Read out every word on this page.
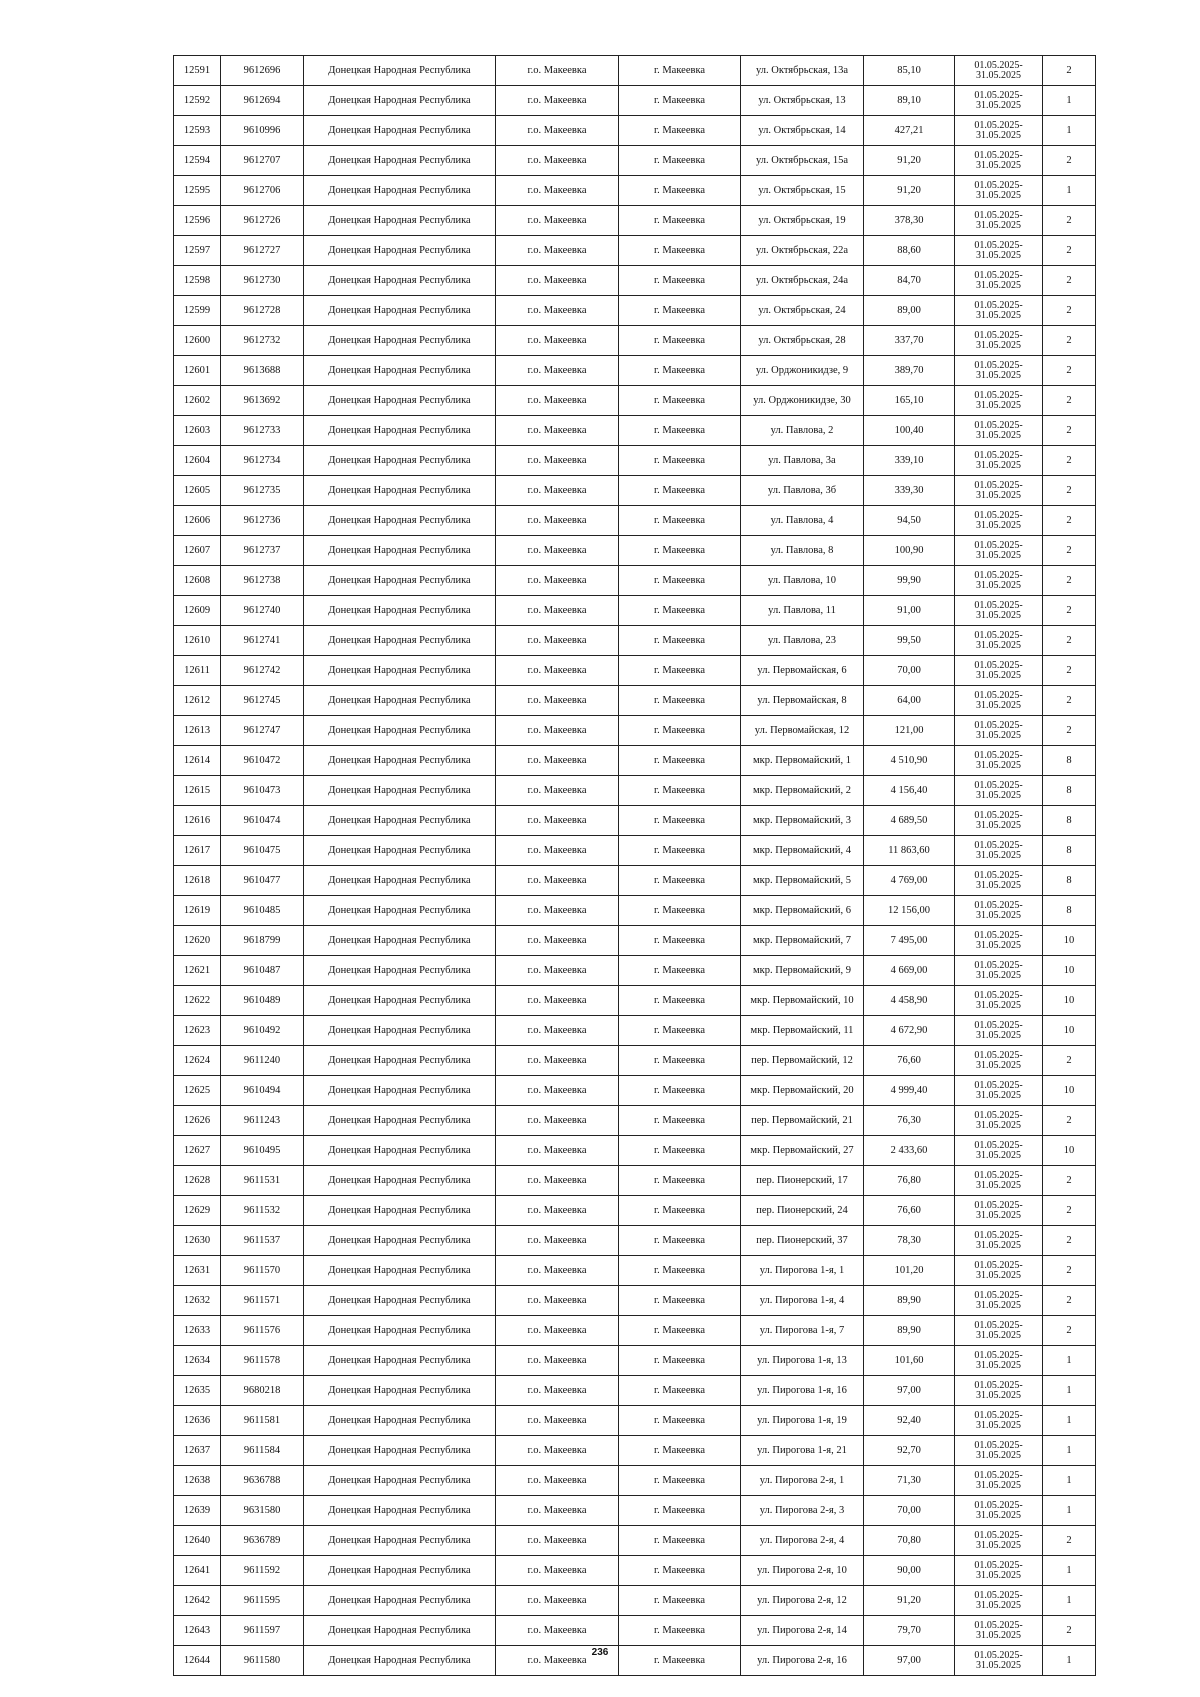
12591	9612696	Донецкая Народная Республика	г.о. Макеевка	г. Макеевка	ул. Октябрьская, 13а	85,10	01.05.2025-
31.05.2025	2
12592	9612694	Донецкая Народная Республика	г.о. Макеевка	г. Макеевка	ул. Октябрьская, 13	89,10	01.05.2025-
31.05.2025	1
12593	9610996	Донецкая Народная Республика	г.о. Макеевка	г. Макеевка	ул. Октябрьская, 14	427,21	01.05.2025-
31.05.2025	1
12594	9612707	Донецкая Народная Республика	г.о. Макеевка	г. Макеевка	ул. Октябрьская, 15а	91,20	01.05.2025-
31.05.2025	2
12595	9612706	Донецкая Народная Республика	г.о. Макеевка	г. Макеевка	ул. Октябрьская, 15	91,20	01.05.2025-
31.05.2025	1
12596	9612726	Донецкая Народная Республика	г.о. Макеевка	г. Макеевка	ул. Октябрьская, 19	378,30	01.05.2025-
31.05.2025	2
12597	9612727	Донецкая Народная Республика	г.о. Макеевка	г. Макеевка	ул. Октябрьская, 22а	88,60	01.05.2025-
31.05.2025	2
12598	9612730	Донецкая Народная Республика	г.о. Макеевка	г. Макеевка	ул. Октябрьская, 24а	84,70	01.05.2025-
31.05.2025	2
12599	9612728	Донецкая Народная Республика	г.о. Макеевка	г. Макеевка	ул. Октябрьская, 24	89,00	01.05.2025-
31.05.2025	2
12600	9612732	Донецкая Народная Республика	г.о. Макеевка	г. Макеевка	ул. Октябрьская, 28	337,70	01.05.2025-
31.05.2025	2
12601	9613688	Донецкая Народная Республика	г.о. Макеевка	г. Макеевка	ул. Орджоникидзе, 9	389,70	01.05.2025-
31.05.2025	2
12602	9613692	Донецкая Народная Республика	г.о. Макеевка	г. Макеевка	ул. Орджоникидзе, 30	165,10	01.05.2025-
31.05.2025	2
12603	9612733	Донецкая Народная Республика	г.о. Макеевка	г. Макеевка	ул. Павлова, 2	100,40	01.05.2025-
31.05.2025	2
12604	9612734	Донецкая Народная Республика	г.о. Макеевка	г. Макеевка	ул. Павлова, 3а	339,10	01.05.2025-
31.05.2025	2
12605	9612735	Донецкая Народная Республика	г.о. Макеевка	г. Макеевка	ул. Павлова, 3б	339,30	01.05.2025-
31.05.2025	2
12606	9612736	Донецкая Народная Республика	г.о. Макеевка	г. Макеевка	ул. Павлова, 4	94,50	01.05.2025-
31.05.2025	2
12607	9612737	Донецкая Народная Республика	г.о. Макеевка	г. Макеевка	ул. Павлова, 8	100,90	01.05.2025-
31.05.2025	2
12608	9612738	Донецкая Народная Республика	г.о. Макеевка	г. Макеевка	ул. Павлова, 10	99,90	01.05.2025-
31.05.2025	2
12609	9612740	Донецкая Народная Республика	г.о. Макеевка	г. Макеевка	ул. Павлова, 11	91,00	01.05.2025-
31.05.2025	2
12610	9612741	Донецкая Народная Республика	г.о. Макеевка	г. Макеевка	ул. Павлова, 23	99,50	01.05.2025-
31.05.2025	2
12611	9612742	Донецкая Народная Республика	г.о. Макеевка	г. Макеевка	ул. Первомайская, 6	70,00	01.05.2025-
31.05.2025	2
12612	9612745	Донецкая Народная Республика	г.о. Макеевка	г. Макеевка	ул. Первомайская, 8	64,00	01.05.2025-
31.05.2025	2
12613	9612747	Донецкая Народная Республика	г.о. Макеевка	г. Макеевка	ул. Первомайская, 12	121,00	01.05.2025-
31.05.2025	2
12614	9610472	Донецкая Народная Республика	г.о. Макеевка	г. Макеевка	мкр. Первомайский, 1	4 510,90	01.05.2025-
31.05.2025	8
12615	9610473	Донецкая Народная Республика	г.о. Макеевка	г. Макеевка	мкр. Первомайский, 2	4 156,40	01.05.2025-
31.05.2025	8
12616	9610474	Донецкая Народная Республика	г.о. Макеевка	г. Макеевка	мкр. Первомайский, 3	4 689,50	01.05.2025-
31.05.2025	8
12617	9610475	Донецкая Народная Республика	г.о. Макеевка	г. Макеевка	мкр. Первомайский, 4	11 863,60	01.05.2025-
31.05.2025	8
12618	9610477	Донецкая Народная Республика	г.о. Макеевка	г. Макеевка	мкр. Первомайский, 5	4 769,00	01.05.2025-
31.05.2025	8
12619	9610485	Донецкая Народная Республика	г.о. Макеевка	г. Макеевка	мкр. Первомайский, 6	12 156,00	01.05.2025-
31.05.2025	8
12620	9618799	Донецкая Народная Республика	г.о. Макеевка	г. Макеевка	мкр. Первомайский, 7	7 495,00	01.05.2025-
31.05.2025	10
12621	9610487	Донецкая Народная Республика	г.о. Макеевка	г. Макеевка	мкр. Первомайский, 9	4 669,00	01.05.2025-
31.05.2025	10
12622	9610489	Донецкая Народная Республика	г.о. Макеевка	г. Макеевка	мкр. Первомайский, 10	4 458,90	01.05.2025-
31.05.2025	10
12623	9610492	Донецкая Народная Республика	г.о. Макеевка	г. Макеевка	мкр. Первомайский, 11	4 672,90	01.05.2025-
31.05.2025	10
12624	9611240	Донецкая Народная Республика	г.о. Макеевка	г. Макеевка	пер. Первомайский, 12	76,60	01.05.2025-
31.05.2025	2
12625	9610494	Донецкая Народная Республика	г.о. Макеевка	г. Макеевка	мкр. Первомайский, 20	4 999,40	01.05.2025-
31.05.2025	10
12626	9611243	Донецкая Народная Республика	г.о. Макеевка	г. Макеевка	пер. Первомайский, 21	76,30	01.05.2025-
31.05.2025	2
12627	9610495	Донецкая Народная Республика	г.о. Макеевка	г. Макеевка	мкр. Первомайский, 27	2 433,60	01.05.2025-
31.05.2025	10
12628	9611531	Донецкая Народная Республика	г.о. Макеевка	г. Макеевка	пер. Пионерский, 17	76,80	01.05.2025-
31.05.2025	2
12629	9611532	Донецкая Народная Республика	г.о. Макеевка	г. Макеевка	пер. Пионерский, 24	76,60	01.05.2025-
31.05.2025	2
12630	9611537	Донецкая Народная Республика	г.о. Макеевка	г. Макеевка	пер. Пионерский, 37	78,30	01.05.2025-
31.05.2025	2
12631	9611570	Донецкая Народная Республика	г.о. Макеевка	г. Макеевка	ул. Пирогова 1-я, 1	101,20	01.05.2025-
31.05.2025	2
12632	9611571	Донецкая Народная Республика	г.о. Макеевка	г. Макеевка	ул. Пирогова 1-я, 4	89,90	01.05.2025-
31.05.2025	2
12633	9611576	Донецкая Народная Республика	г.о. Макеевка	г. Макеевка	ул. Пирогова 1-я, 7	89,90	01.05.2025-
31.05.2025	2
12634	9611578	Донецкая Народная Республика	г.о. Макеевка	г. Макеевка	ул. Пирогова 1-я, 13	101,60	01.05.2025-
31.05.2025	1
12635	9680218	Донецкая Народная Республика	г.о. Макеевка	г. Макеевка	ул. Пирогова 1-я, 16	97,00	01.05.2025-
31.05.2025	1
12636	9611581	Донецкая Народная Республика	г.о. Макеевка	г. Макеевка	ул. Пирогова 1-я, 19	92,40	01.05.2025-
31.05.2025	1
12637	9611584	Донецкая Народная Республика	г.о. Макеевка	г. Макеевка	ул. Пирогова 1-я, 21	92,70	01.05.2025-
31.05.2025	1
12638	9636788	Донецкая Народная Республика	г.о. Макеевка	г. Макеевка	ул. Пирогова 2-я, 1	71,30	01.05.2025-
31.05.2025	1
12639	9631580	Донецкая Народная Республика	г.о. Макеевка	г. Макеевка	ул. Пирогова 2-я, 3	70,00	01.05.2025-
31.05.2025	1
12640	9636789	Донецкая Народная Республика	г.о. Макеевка	г. Макеевка	ул. Пирогова 2-я, 4	70,80	01.05.2025-
31.05.2025	2
12641	9611592	Донецкая Народная Республика	г.о. Макеевка	г. Макеевка	ул. Пирогова 2-я, 10	90,00	01.05.2025-
31.05.2025	1
12642	9611595	Донецкая Народная Республика	г.о. Макеевка	г. Макеевка	ул. Пирогова 2-я, 12	91,20	01.05.2025-
31.05.2025	1
12643	9611597	Донецкая Народная Республика	г.о. Макеевка	г. Макеевка	ул. Пирогова 2-я, 14	79,70	01.05.2025-
31.05.2025	2
12644	9611580	Донецкая Народная Республика	г.о. Макеевка	г. Макеевка	ул. Пирогова 2-я, 16	97,00	01.05.2025-
31.05.2025	1
236
